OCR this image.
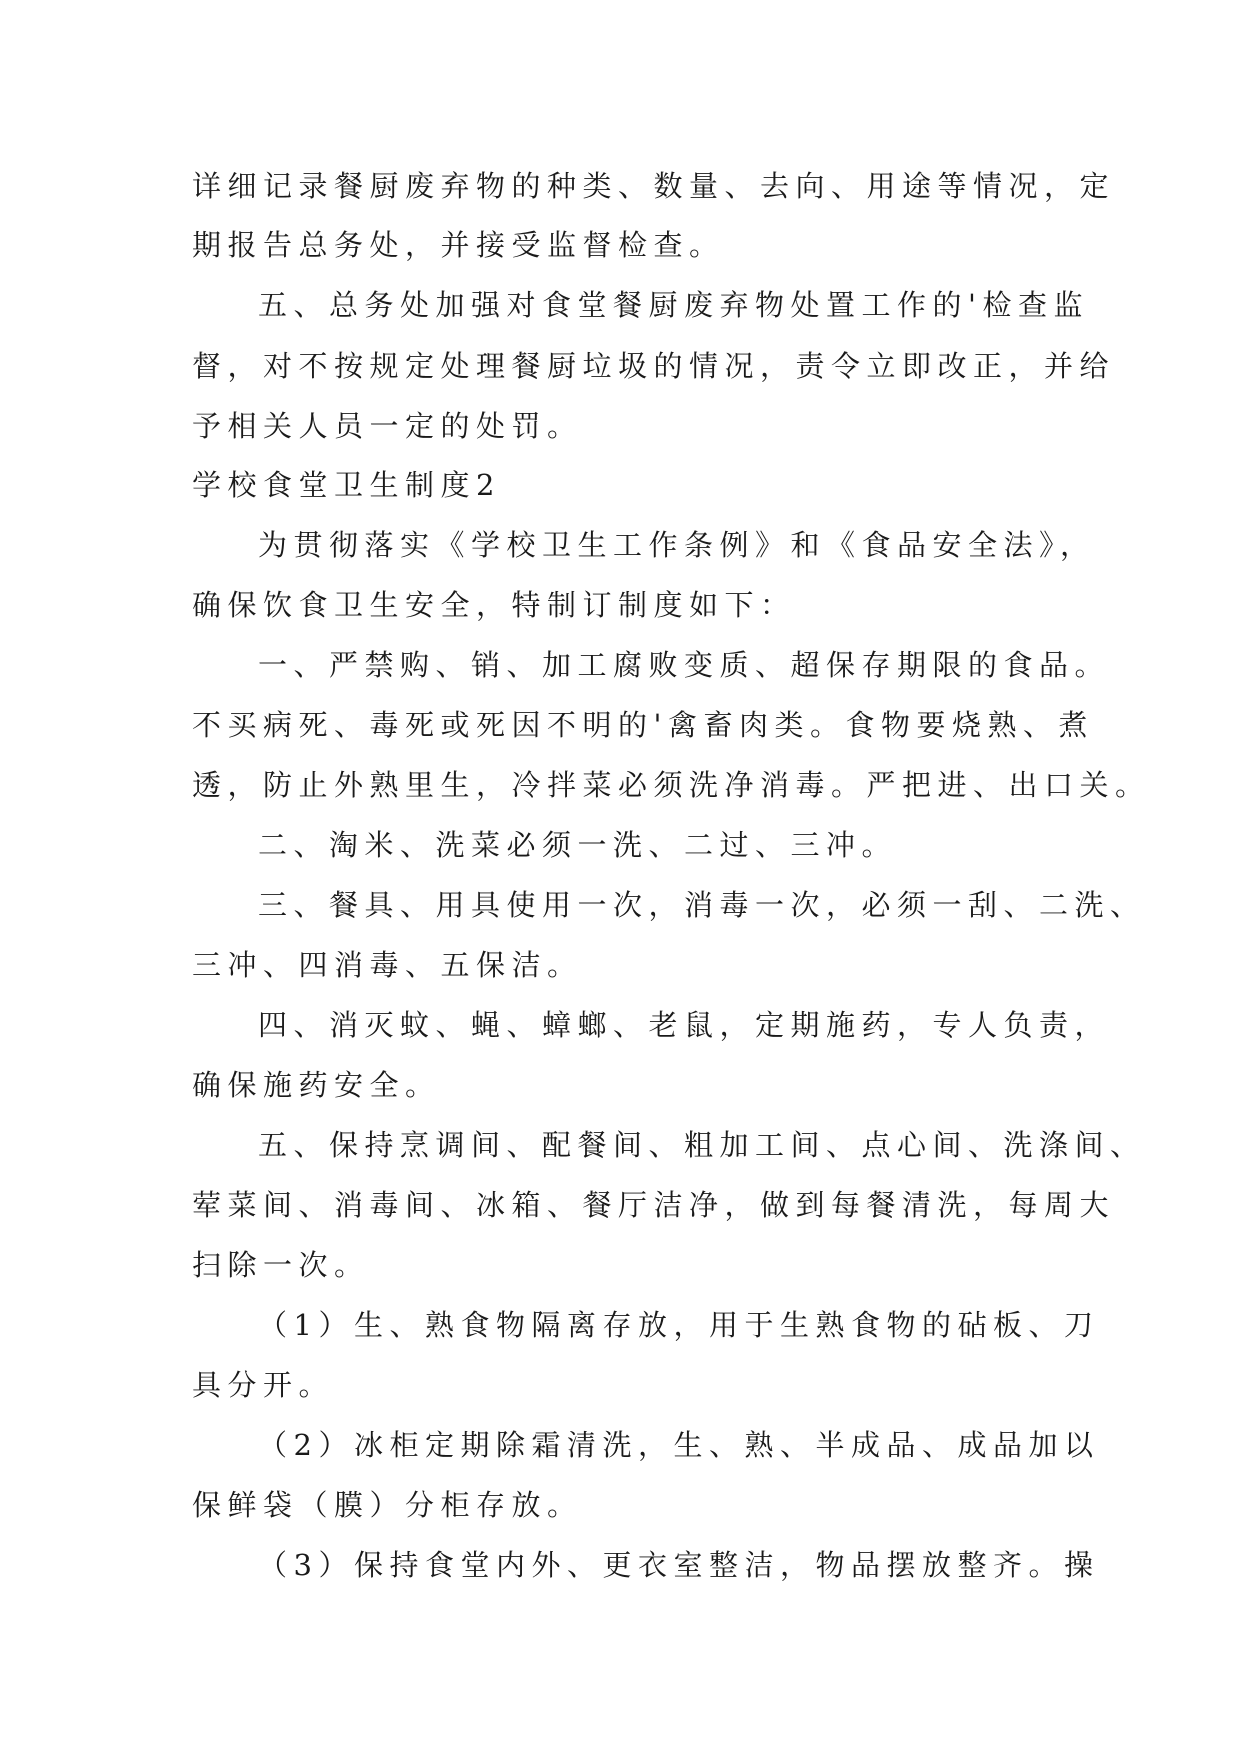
详细记录餐厨废弃物的种类、数量、去向、用途等情况，定
期报告总务处，并接受监督检查。
五、总务处加强对食堂餐厨废弃物处置工作的'检查监
督，对不按规定处理餐厨垃圾的情况，责令立即改正，并给
予相关人员一定的处罚。
学校食堂卫生制度2
为贯彻落实《学校卫生工作条例》和《食品安全法》，
确保饮食卫生安全，特制订制度如下：
一、严禁购、销、加工腐败变质、超保存期限的食品。
不买病死、毒死或死因不明的'禽畜肉类。食物要烧熟、煮
透，防止外熟里生，冷拌菜必须洗净消毒。严把进、出口关。
二、淘米、洗菜必须一洗、二过、三冲。
三、餐具、用具使用一次，消毒一次，必须一刮、二洗、
三冲、四消毒、五保洁。
四、消灭蚊、蝇、蟑螂、老鼠，定期施药，专人负责，
确保施药安全。
五、保持烹调间、配餐间、粗加工间、点心间、洗涤间、
荤菜间、消毒间、冰箱、餐厅洁净，做到每餐清洗，每周大
扫除一次。
（1）生、熟食物隔离存放，用于生熟食物的砧板、刀
具分开。
（2）冰柜定期除霜清洗，生、熟、半成品、成品加以
保鲜袋（膜）分柜存放。
（3）保持食堂内外、更衣室整洁，物品摆放整齐。操
